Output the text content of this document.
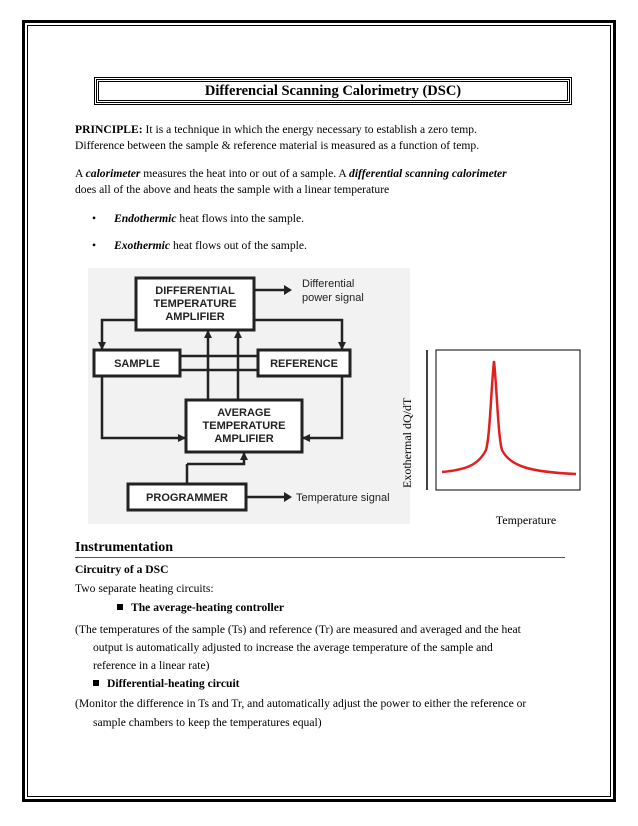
Differencial Scanning Calorimetry (DSC)
PRINCIPLE: It is a technique in which the energy necessary to establish a zero temp.
Difference between the sample & reference material is measured as a function of temp.
A calorimeter measures the heat into or out of a sample. A differential scanning calorimeter
does all of the above and heats the sample with a linear temperature
• Endothermic heat flows into the sample.
• Exothermic heat flows out of the sample.
DIFFERENTIAL
TEMPERATURE
AMPLIFIER
Differential
power signal
SAMPLE	REFERENCE
AVERAGE
TEMPERATURE
AMPLIFIER
PROGRAMMER	Temperature signal
Exothermal dQ/dT
Temperature
Instrumentation
Circuitry of a DSC
Two separate heating circuits:
The average-heating controller
(The temperatures of the sample (Ts) and reference (Tr) are measured and averaged and the heat
output is automatically adjusted to increase the average temperature of the sample and
reference in a linear rate)
Differential-heating circuit
(Monitor the difference in Ts and Tr, and automatically adjust the power to either the reference or
sample chambers to keep the temperatures equal)
